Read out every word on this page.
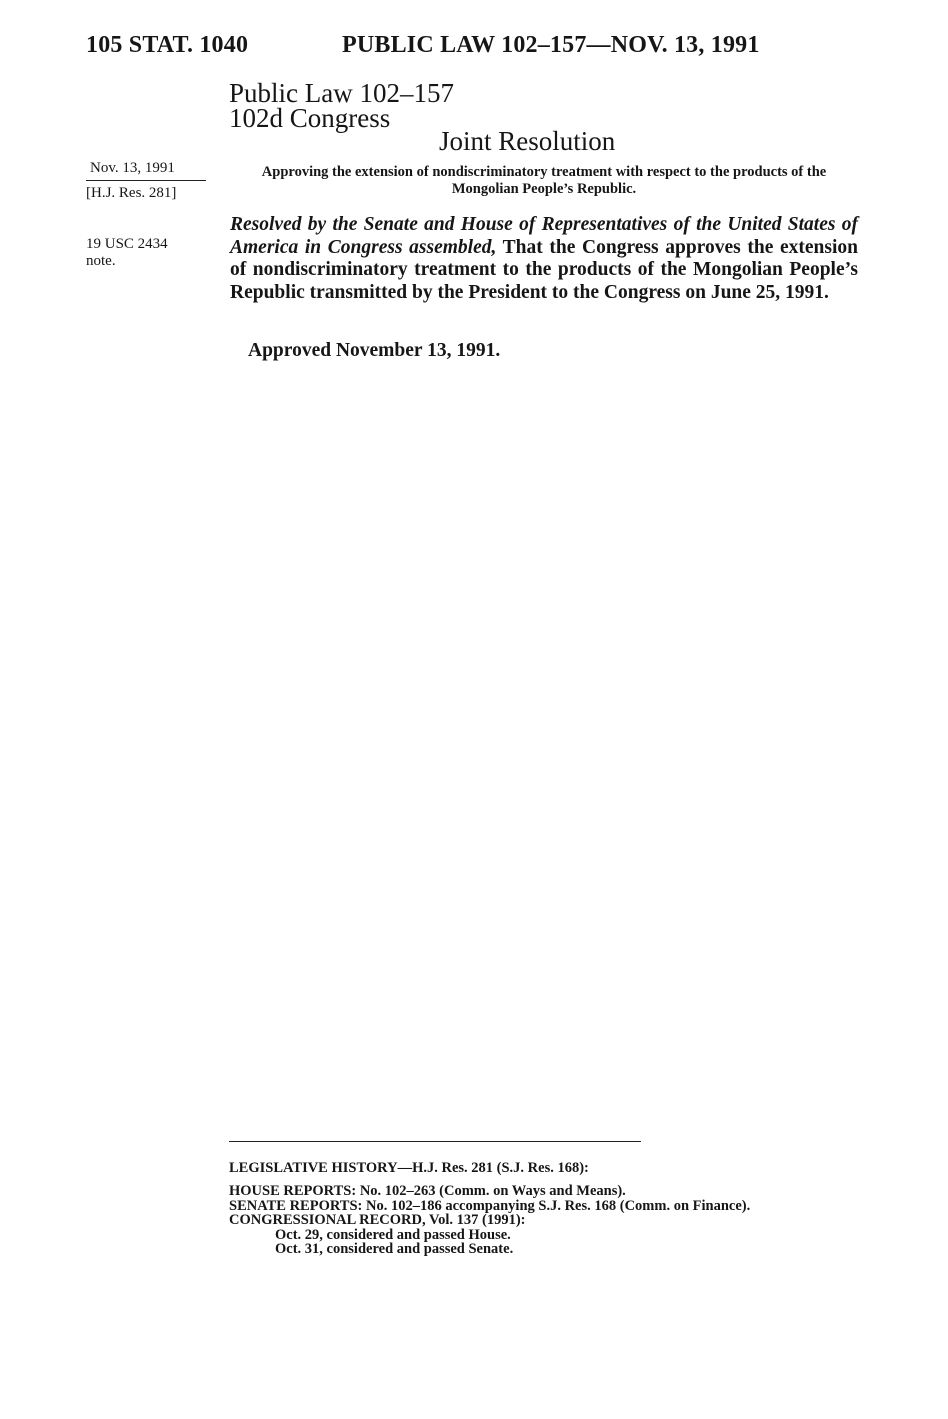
105 STAT. 1040	PUBLIC LAW 102–157—NOV. 13, 1991
Public Law 102–157
102d Congress
Joint Resolution
Nov. 13, 1991
[H.J. Res. 281]
19 USC 2434 note.
Approving the extension of nondiscriminatory treatment with respect to the products of the Mongolian People’s Republic.
Resolved by the Senate and House of Representatives of the United States of America in Congress assembled, That the Congress approves the extension of nondiscriminatory treatment to the products of the Mongolian People’s Republic transmitted by the President to the Congress on June 25, 1991.
Approved November 13, 1991.
LEGISLATIVE HISTORY—H.J. Res. 281 (S.J. Res. 168):
HOUSE REPORTS: No. 102–263 (Comm. on Ways and Means).
SENATE REPORTS: No. 102–186 accompanying S.J. Res. 168 (Comm. on Finance).
CONGRESSIONAL RECORD, Vol. 137 (1991):
Oct. 29, considered and passed House.
Oct. 31, considered and passed Senate.
